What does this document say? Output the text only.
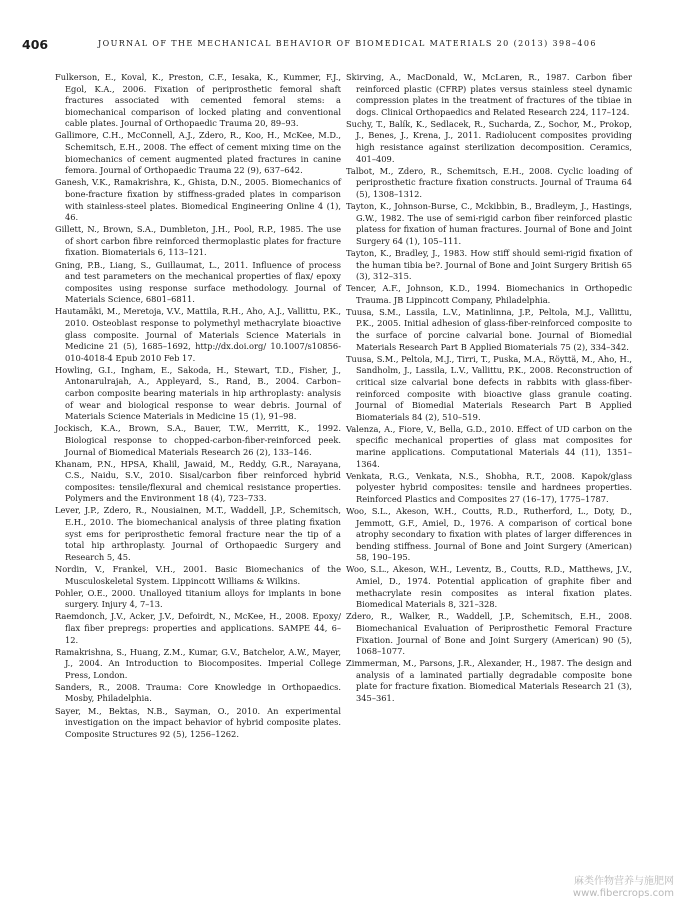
406	JOURNAL OF THE MECHANICAL BEHAVIOR OF BIOMEDICAL MATERIALS 20 (2013) 398–406

Fulkerson, E., Koval, K., Preston, C.F., Iesaka, K., Kummer, F.J., Egol, K.A., 2006. Fixation of periprosthetic femoral shaft fractures associated with cemented femoral stems: a biomechanical comparison of locked plating and conventional cable plates. Journal of Orthopaedic Trauma 20, 89–93.

Gallimore, C.H., McConnell, A.J., Zdero, R., Koo, H., McKee, M.D., Schemitsch, E.H., 2008. The effect of cement mixing time on the biomechanics of cement augmented plated fractures in canine femora. Journal of Orthopaedic Trauma 22 (9), 637–642.

Ganesh, V.K., Ramakrishra, K., Ghista, D.N., 2005. Biomechanics of bone-fracture fixation by stiffness-graded plates in comparison with stainless-steel plates. Biomedical Engineering Online 4 (1), 46.

Gillett, N., Brown, S.A., Dumbleton, J.H., Pool, R.P., 1985. The use of short carbon fibre reinforced thermoplastic plates for fracture fixation. Biomaterials 6, 113–121.

Gning, P.B., Liang, S., Guillaumat, L., 2011. Influence of process and test parameters on the mechanical properties of flax/ epoxy composites using response surface methodology. Journal of Materials Science, 6801–6811.

Hautamäki, M., Meretoja, V.V., Mattila, R.H., Aho, A.J., Vallittu, P.K., 2010. Osteoblast response to polymethyl methacrylate bioactive glass composite. Journal of Materials Science Materials in Medicine 21 (5), 1685–1692, http://dx.doi.org/ 10.1007/s10856-010-4018-4 Epub 2010 Feb 17.

Howling, G.I., Ingham, E., Sakoda, H., Stewart, T.D., Fisher, J., Antonarulrajah, A., Appleyard, S., Rand, B., 2004. Carbon–carbon composite bearing materials in hip arthroplasty: analysis of wear and biological response to wear debris. Journal of Materials Science Materials in Medicine 15 (1), 91–98.

Jockisch, K.A., Brown, S.A., Bauer, T.W., Merritt, K., 1992. Biological response to chopped-carbon-fiber-reinforced peek. Journal of Biomedical Materials Research 26 (2), 133–146.

Khanam, P.N., HPSA, Khalil, Jawaid, M., Reddy, G.R., Narayana, C.S., Naidu, S.V., 2010. Sisal/carbon fiber reinforced hybrid composites: tensile/flexural and chemical resistance properties. Polymers and the Environment 18 (4), 723–733.

Lever, J.P., Zdero, R., Nousiainen, M.T., Waddell, J.P., Schemitsch, E.H., 2010. The biomechanical analysis of three plating fixation syst ems for periprosthetic femoral fracture near the tip of a total hip arthroplasty. Journal of Orthopaedic Surgery and Research 5, 45.

Nordin, V., Frankel, V.H., 2001. Basic Biomechanics of the Musculoskeletal System. Lippincott Williams & Wilkins.

Pohler, O.E., 2000. Unalloyed titanium alloys for implants in bone surgery. Injury 4, 7–13.

Raemdonch, J.V., Acker, J.V., Defoirdt, N., McKee, H., 2008. Epoxy/ flax fiber prepregs: properties and applications. SAMPE 44, 6–12.

Ramakrishna, S., Huang, Z.M., Kumar, G.V., Batchelor, A.W., Mayer, J., 2004. An Introduction to Biocomposites. Imperial College Press, London.

Sanders, R., 2008. Trauma: Core Knowledge in Orthopaedics. Mosby, Philadelphia.

Sayer, M., Bektas, N.B., Sayman, O., 2010. An experimental investigation on the impact behavior of hybrid composite plates. Composite Structures 92 (5), 1256–1262.

Skirving, A., MacDonald, W., McLaren, R., 1987. Carbon fiber reinforced plastic (CFRP) plates versus stainless steel dynamic compression plates in the treatment of fractures of the tibiae in dogs. Clinical Orthopaedics and Related Research 224, 117–124.

Suchy, T., Balík, K., Sedlacek, R., Sucharda, Z., Sochor, M., Prokop, J., Benes, J., Krena, J., 2011. Radiolucent composites providing high resistance against sterilization decomposition. Ceramics, 401–409.

Talbot, M., Zdero, R., Schemitsch, E.H., 2008. Cyclic loading of periprosthetic fracture fixation constructs. Journal of Trauma 64 (5), 1308–1312.

Tayton, K., Johnson-Burse, C., Mckibbin, B., Bradleym, J., Hastings, G.W., 1982. The use of semi-rigid carbon fiber reinforced plastic platess for fixation of human fractures. Journal of Bone and Joint Surgery 64 (1), 105–111.

Tayton, K., Bradley, J., 1983. How stiff should semi-rigid fixation of the human tibia be?. Journal of Bone and Joint Surgery British 65 (3), 312–315.

Tencer, A.F., Johnson, K.D., 1994. Biomechanics in Orthopedic Trauma. JB Lippincott Company, Philadelphia.

Tuusa, S.M., Lassila, L.V., Matinlinna, J.P., Peltola, M.J., Vallittu, P.K., 2005. Initial adhesion of glass-fiber-reinforced composite to the surface of porcine calvarial bone. Journal of Biomedial Materials Research Part B Applied Biomaterials 75 (2), 334–342.

Tuusa, S.M., Peltola, M.J., Tirri, T., Puska, M.A., Röyttä, M., Aho, H., Sandholm, J., Lassila, L.V., Vallittu, P.K., 2008. Reconstruction of critical size calvarial bone defects in rabbits with glass-fiber-reinforced composite with bioactive glass granule coating. Journal of Biomedial Materials Research Part B Applied Biomaterials 84 (2), 510–519.

Valenza, A., Fiore, V., Bella, G.D., 2010. Effect of UD carbon on the specific mechanical properties of glass mat composites for marine applications. Computational Materials 44 (11), 1351–1364.

Venkata, R.G., Venkata, N.S., Shobha, R.T., 2008. Kapok/glass polyester hybrid composites: tensile and hardnees properties. Reinforced Plastics and Composites 27 (16–17), 1775–1787.

Woo, S.L., Akeson, W.H., Coutts, R.D., Rutherford, L., Doty, D., Jemmott, G.F., Amiel, D., 1976. A comparison of cortical bone atrophy secondary to fixation with plates of larger differences in bending stiffness. Journal of Bone and Joint Surgery (American) 58, 190–195.

Woo, S.L., Akeson, W.H., Leventz, B., Coutts, R.D., Matthews, J.V., Amiel, D., 1974. Potential application of graphite fiber and methacrylate resin composites as interal fixation plates. Biomedical Materials 8, 321–328.

Zdero, R., Walker, R., Waddell, J.P., Schemitsch, E.H., 2008. Biomechanical Evaluation of Periprosthetic Femoral Fracture Fixation. Journal of Bone and Joint Surgery (American) 90 (5), 1068–1077.

Zimmerman, M., Parsons, J.R., Alexander, H., 1987. The design and analysis of a laminated partially degradable composite bone plate for fracture fixation. Biomedical Materials Research 21 (3), 345–361.

麻类作物营养与施肥网
www.fibercrops.com
